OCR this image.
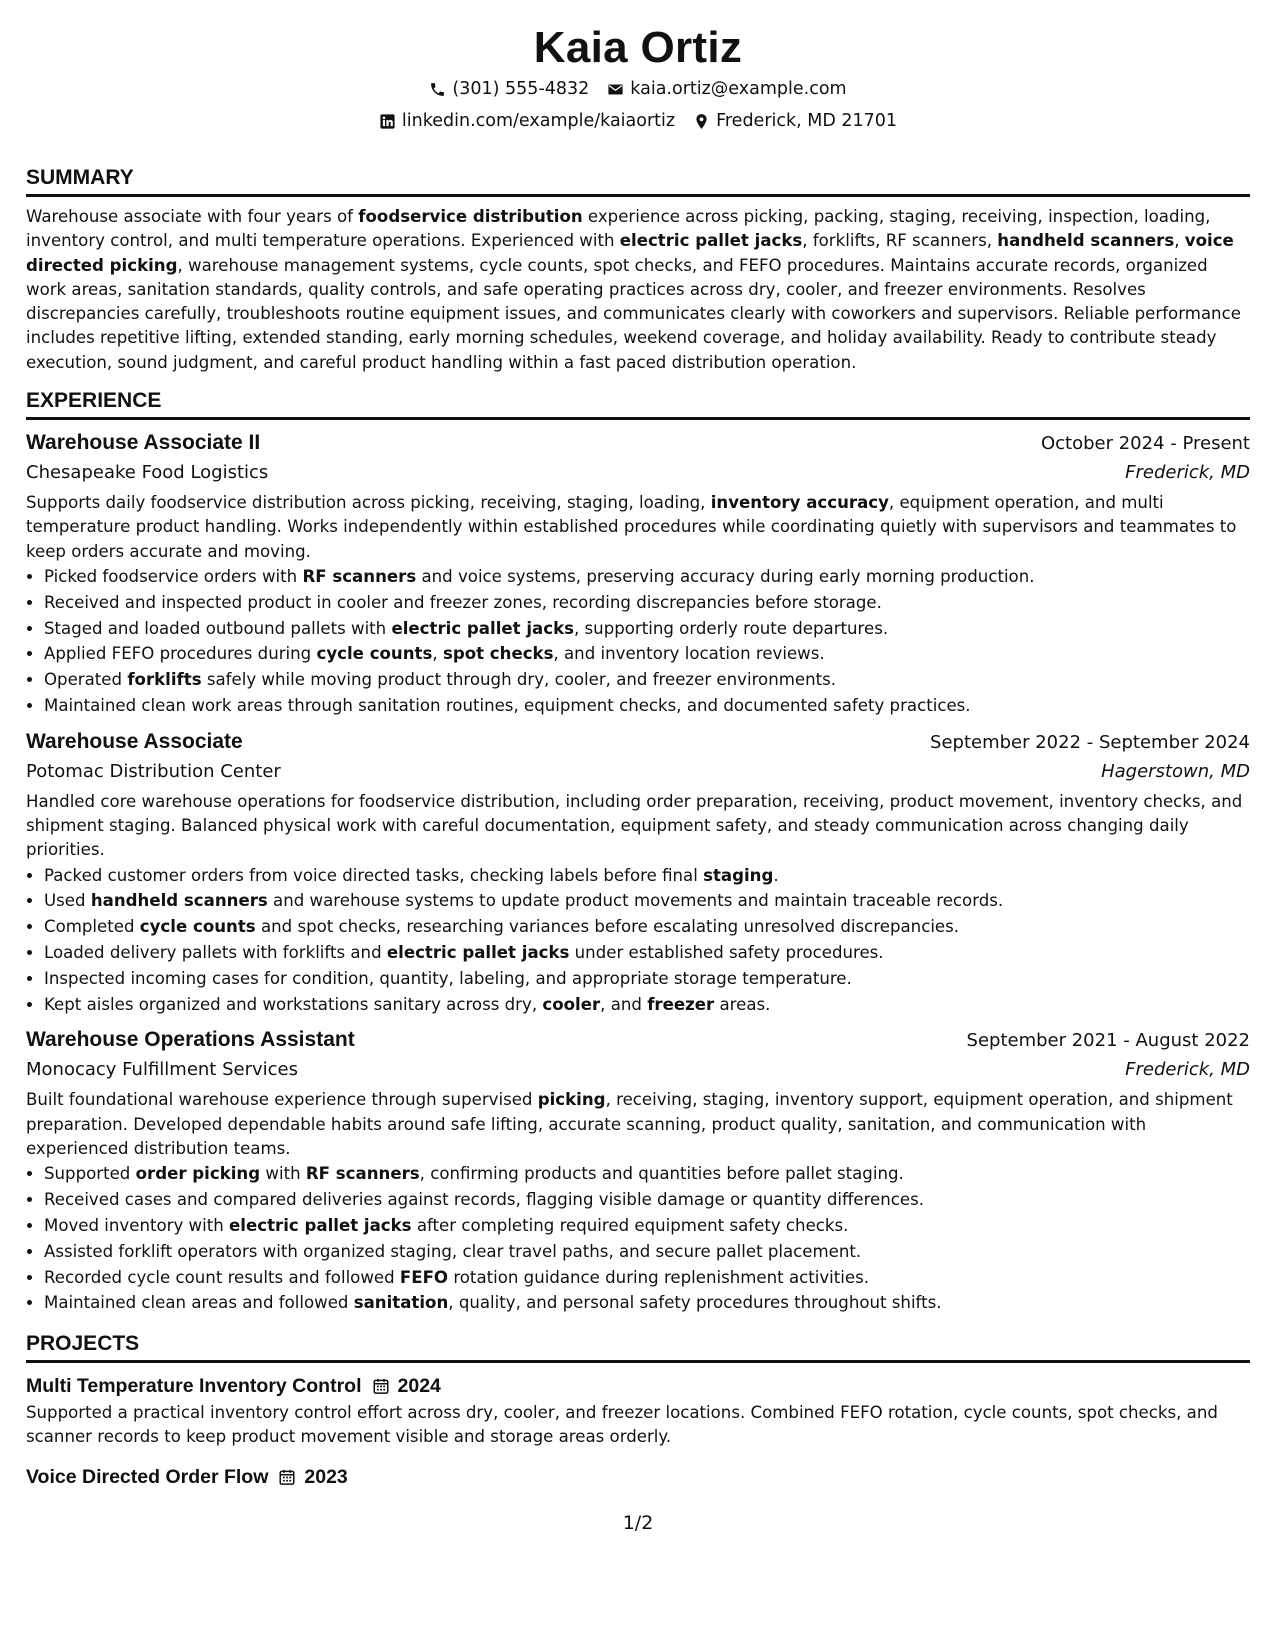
Kaia Ortiz
(301) 555-4832 kaia.ortiz@example.com
linkedin.com/example/kaiaortiz Frederick, MD 21701
SUMMARY

Warehouse associate with four years of foodservice distribution experience across picking, packing, staging, receiving, inspection, loading, inventory control, and multi temperature operations. Experienced with electric pallet jacks, forklifts, RF scanners, handheld scanners, voice directed picking, warehouse management systems, cycle counts, spot checks, and FEFO procedures. Maintains accurate records, organized work areas, sanitation standards, quality controls, and safe operating practices across dry, cooler, and freezer environments. Resolves discrepancies carefully, troubleshoots routine equipment issues, and communicates clearly with coworkers and supervisors. Reliable performance includes repetitive lifting, extended standing, early morning schedules, weekend coverage, and holiday availability. Ready to contribute steady execution, sound judgment, and careful product handling within a fast paced distribution operation.

EXPERIENCE
Warehouse Associate II	October 2024 - Present
Chesapeake Food Logistics	Frederick, MD

Supports daily foodservice distribution across picking, receiving, staging, loading, inventory accuracy, equipment operation, and multi temperature product handling. Works independently within established procedures while coordinating quietly with supervisors and teammates to keep orders accurate and moving.

• Picked foodservice orders with RF scanners and voice systems, preserving accuracy during early morning production.
• Received and inspected product in cooler and freezer zones, recording discrepancies before storage.
• Staged and loaded outbound pallets with electric pallet jacks, supporting orderly route departures.
• Applied FEFO procedures during cycle counts, spot checks, and inventory location reviews.
• Operated forklifts safely while moving product through dry, cooler, and freezer environments.
• Maintained clean work areas through sanitation routines, equipment checks, and documented safety practices.
Warehouse Associate	September 2022 - September 2024
Potomac Distribution Center	Hagerstown, MD

Handled core warehouse operations for foodservice distribution, including order preparation, receiving, product movement, inventory checks, and shipment staging. Balanced physical work with careful documentation, equipment safety, and steady communication across changing daily priorities.

• Packed customer orders from voice directed tasks, checking labels before final staging.
• Used handheld scanners and warehouse systems to update product movements and maintain traceable records.
• Completed cycle counts and spot checks, researching variances before escalating unresolved discrepancies.
• Loaded delivery pallets with forklifts and electric pallet jacks under established safety procedures.
• Inspected incoming cases for condition, quantity, labeling, and appropriate storage temperature.
• Kept aisles organized and workstations sanitary across dry, cooler, and freezer areas.
Warehouse Operations Assistant	September 2021 - August 2022
Monocacy Fulfillment Services	Frederick, MD

Built foundational warehouse experience through supervised picking, receiving, staging, inventory support, equipment operation, and shipment preparation. Developed dependable habits around safe lifting, accurate scanning, product quality, sanitation, and communication with experienced distribution teams.

• Supported order picking with RF scanners, confirming products and quantities before pallet staging.
• Received cases and compared deliveries against records, flagging visible damage or quantity differences.
• Moved inventory with electric pallet jacks after completing required equipment safety checks.
• Assisted forklift operators with organized staging, clear travel paths, and secure pallet placement.
• Recorded cycle count results and followed FEFO rotation guidance during replenishment activities.
• Maintained clean areas and followed sanitation, quality, and personal safety procedures throughout shifts.
PROJECTS
Multi Temperature Inventory Control 2024

Supported a practical inventory control effort across dry, cooler, and freezer locations. Combined FEFO rotation, cycle counts, spot checks, and scanner records to keep product movement visible and storage areas orderly.

Voice Directed Order Flow 2023
1/2
